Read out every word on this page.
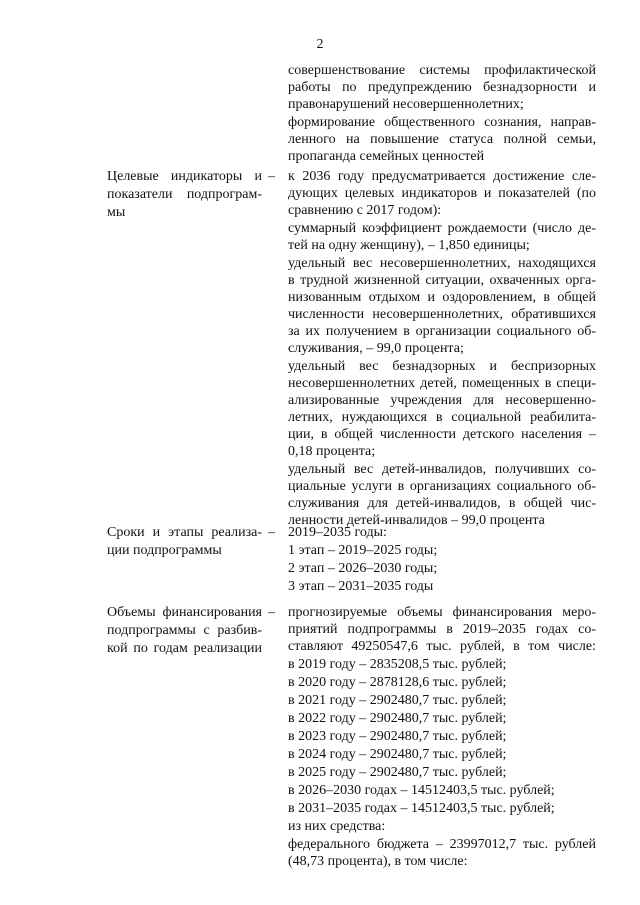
2

совершенствование системы профилактической
работы по предупреждению безнадзорности и
правонарушений несовершеннолетних;

формирование общественного сознания, направ-
ленного на повышение статуса полной семьи,
пропаганда семейных ценностей

Целевые индикаторы и
показатели подпрограм-
мы
– к 2036 году предусматривается достижение сле-
дующих целевых индикаторов и показателей (по
сравнению с 2017 годом):

суммарный коэффициент рождаемости (число де-
тей на одну женщину), – 1,850 единицы;

удельный вес несовершеннолетних, находящихся
в трудной жизненной ситуации, охваченных орга-
низованным отдыхом и оздоровлением, в общей
численности несовершеннолетних, обратившихся
за их получением в организации социального об-
служивания, – 99,0 процента;

удельный вес безнадзорных и беспризорных
несовершеннолетних детей, помещенных в специ-
ализированные учреждения для несовершенно-
летних, нуждающихся в социальной реабилита-
ции, в общей численности детского населения –
0,18 процента;

удельный вес детей-инвалидов, получивших со-
циальные услуги в организациях социального об-
служивания для детей-инвалидов, в общей чис-
ленности детей-инвалидов – 99,0 процента

Сроки и этапы реализа-
ции подпрограммы
– 2019–2035 годы:

1 этап – 2019–2025 годы;

2 этап – 2026–2030 годы;

3 этап – 2031–2035 годы

Объемы финансирования
подпрограммы с разбив-
кой по годам реализации
– прогнозируемые объемы финансирования меро-
приятий подпрограммы в 2019–2035 годах со-
ставляют 49250547,6 тыс. рублей, в том числе:

в 2019 году – 2835208,5 тыс. рублей;

в 2020 году – 2878128,6 тыс. рублей;

в 2021 году – 2902480,7 тыс. рублей;

в 2022 году – 2902480,7 тыс. рублей;

в 2023 году – 2902480,7 тыс. рублей;

в 2024 году – 2902480,7 тыс. рублей;

в 2025 году – 2902480,7 тыс. рублей;

в 2026–2030 годах – 14512403,5 тыс. рублей;

в 2031–2035 годах – 14512403,5 тыс. рублей;

из них средства:

федерального бюджета – 23997012,7 тыс. рублей
(48,73 процента), в том числе:
